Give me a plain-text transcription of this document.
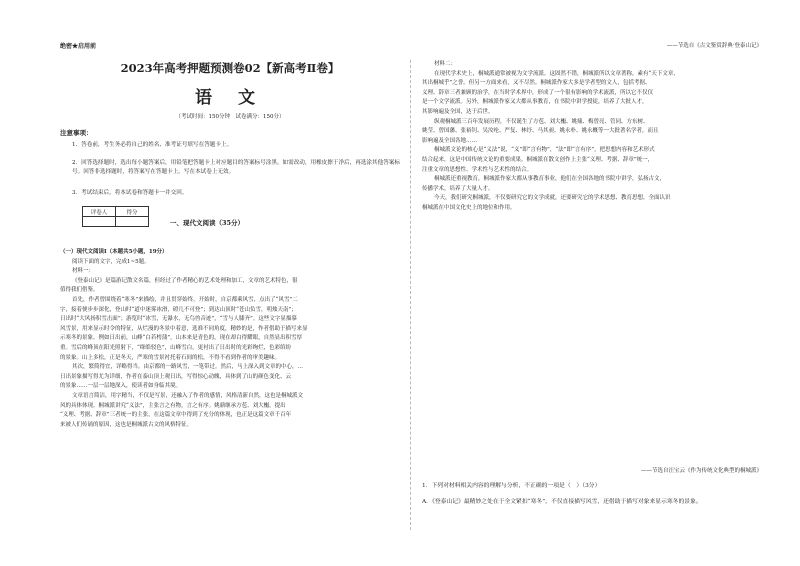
绝密★启用前
2023年高考押题预测卷02【新高考Ⅱ卷】
语 文
（考试时间：150分钟　试卷满分：150分）
注意事项：
1．答卷前，考生务必将自己的姓名、准考证号填写在答题卡上。
2．回答选择题时，选出每小题答案后，用铅笔把答题卡上对应题目的答案标号涂黑。如需改动，用橡皮擦干净后，再选涂其他答案标号。回答非选择题时，将答案写在答题卡上。写在本试卷上无效。
3．考试结束后，将本试卷和答题卡一并交回。
评卷人	得分

一、现代文阅读（35分）
（一）现代文阅读Ⅰ（本题共5小题，19分）
阅读下面的文字，完成1~5题。
材料一：
《登泰山记》是篇游记散文名篇，但经过了作者精心的艺术处理和加工，文章的艺术特色，很
值得我们借鉴。
首先，作者曾围绕着“寒冬”来描绘，并且贯穿始终。开始时，自京都乘风雪，点出了“风雪”二
字，接着便步步深化，登山时“道中迷雾冰滑，磴几不可登”；到达山顶时“苍山负雪，明烛天南”；
日出时“大风扬积雪击面”；游览时“冰雪，无瀑水，无鸟兽音迹”，“雪与人膝齐”。这些文字显描摹
风雪景，用来显示时令的特征，从烂漫的冬景中着意，选准不同角度，精妙的是，作者借助于描写来显
示寒冬的景象。例如日出前，山峰“白若樗蒲”，山本来是青色的，现在却白得耀眼，自然显出积雪厚
重。雪后的峰顶在阳光照射下，“绛皓驳色”，山峰雪白，更衬出了日出时的光彩绚烂，色彩缤纷
的景象。山上多松，正是冬天，严寒的雪景衬托着石间的松，不得不看到作者的审美趣味。
其次，繁简得宜，详略得当。由京都的一路风雪，一笔带过。然后，马上深入到文章的中心，…
日出景象描写得尤为详细，作者在泰山顶上观日出，写得惊心动魄，具体到了山的颜色变化、云
的景象……一层一层地深入，使读者如身临其境。
文章语言简洁，用字精当，不仅是写景，还融入了作者的感情，风格清新自然，这也是桐城派文
风的具体体现。桐城派讲究“义法”，主张言之有物，言之有序。姚鼐继承方苞、刘大櫆，提出
“义理、考据、辞章”三者统一的主张，在这篇文章中得到了充分的体现，也正是这篇文章千百年
来被人们传诵的原因，这也是桐城派古文的风格特征。
——节选自《古文鉴赏辞典·登泰山记》
材料二：
在现代学术史上，桐城派通常被视为文学流派。这固然不错，桐城派所以文章著称，素有“天下文章，
其出桐城乎”之誉。但另一方面来看，又不尽然。桐城派作家大多是学者型的文人，包括考据、
义理、辞章三者兼顾的治学，在当时学术界中，形成了一个很有影响的学术流派，所以它不仅仅
是一个文学流派。另外，桐城派作家又大都从事教育，在书院中讲学授徒，培养了大批人才，
其影响遍及全国，达于后世。
纵观桐城派三百年发展历程，不仅诞生了方苞、刘大櫆、姚鼐、梅曾亮、管同、方东树、
姚莹、曾国藩、张裕钊、吴汝纶、严复、林纾、马其昶、姚永朴、姚永概等一大批著名学者，而且
影响遍及全国各地……
桐城派文论的核心是“义法”说，“义”即“言有物”，“法”即“言有序”，把思想内容和艺术形式
结合起来，这是中国传统文论的重要成果。桐城派在散文创作上主张“义理、考据、辞章”统一，
注重文章的思想性、学术性与艺术性的结合。
桐城派还重视教育，桐城派作家大都从事教育事业，他们在全国各地的书院中讲学，弘扬古文，
传播学术，培养了大量人才。
今天，我们研究桐城派，不仅要研究它的文学成就，还要研究它的学术思想、教育思想，全面认识
桐城派在中国文化史上的地位和作用。
——节选自汪宝云《作为传统文化典型的桐城派》
1．下列对材料相关内容的理解与分析，不正确的一项是（　）（3分）
A．《登泰山记》最精妙之处在于全文紧扣“寒冬”，不仅直接描写风雪，还借助于描写对象来显示寒冬的景象。
